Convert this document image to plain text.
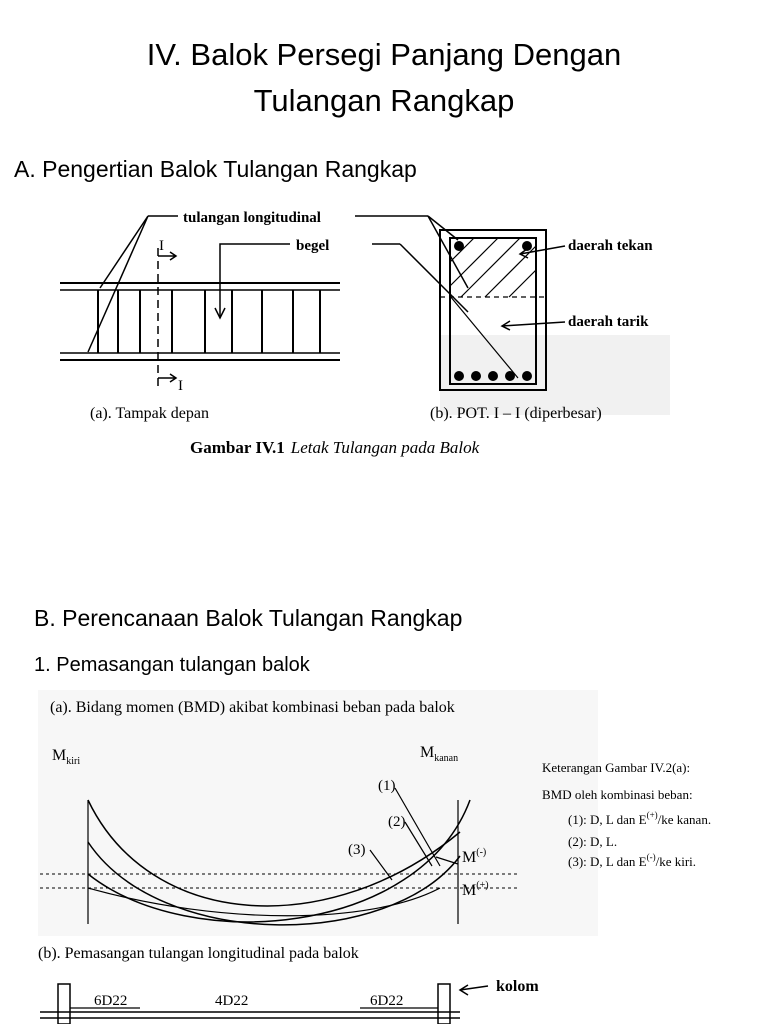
IV. Balok Persegi Panjang Dengan
Tulangan Rangkap
A. Pengertian Balok Tulangan Rangkap
tulangan longitudinal
begel
I
I
daerah tekan
daerah tarik
(a). Tampak depan	(b). POT. I – I (diperbesar)
Gambar IV.1 Letak Tulangan pada Balok
B. Perencanaan Balok Tulangan Rangkap
1. Pemasangan tulangan balok
(a). Bidang momen (BMD) akibat kombinasi beban pada balok
$M_{kiri}$
$M_{kanan}$
(1)
(2)
(3)	M(-)
M(+)
Keterangan Gambar IV.2(a):
BMD oleh kombinasi beban:
(1): D, L dan E(+)/ke kanan.
(2): D, L.
(3): D, L dan E(-)/ke kiri.
(b). Pemasangan tulangan longitudinal pada balok
6D22	4D22	6D22
kolom
